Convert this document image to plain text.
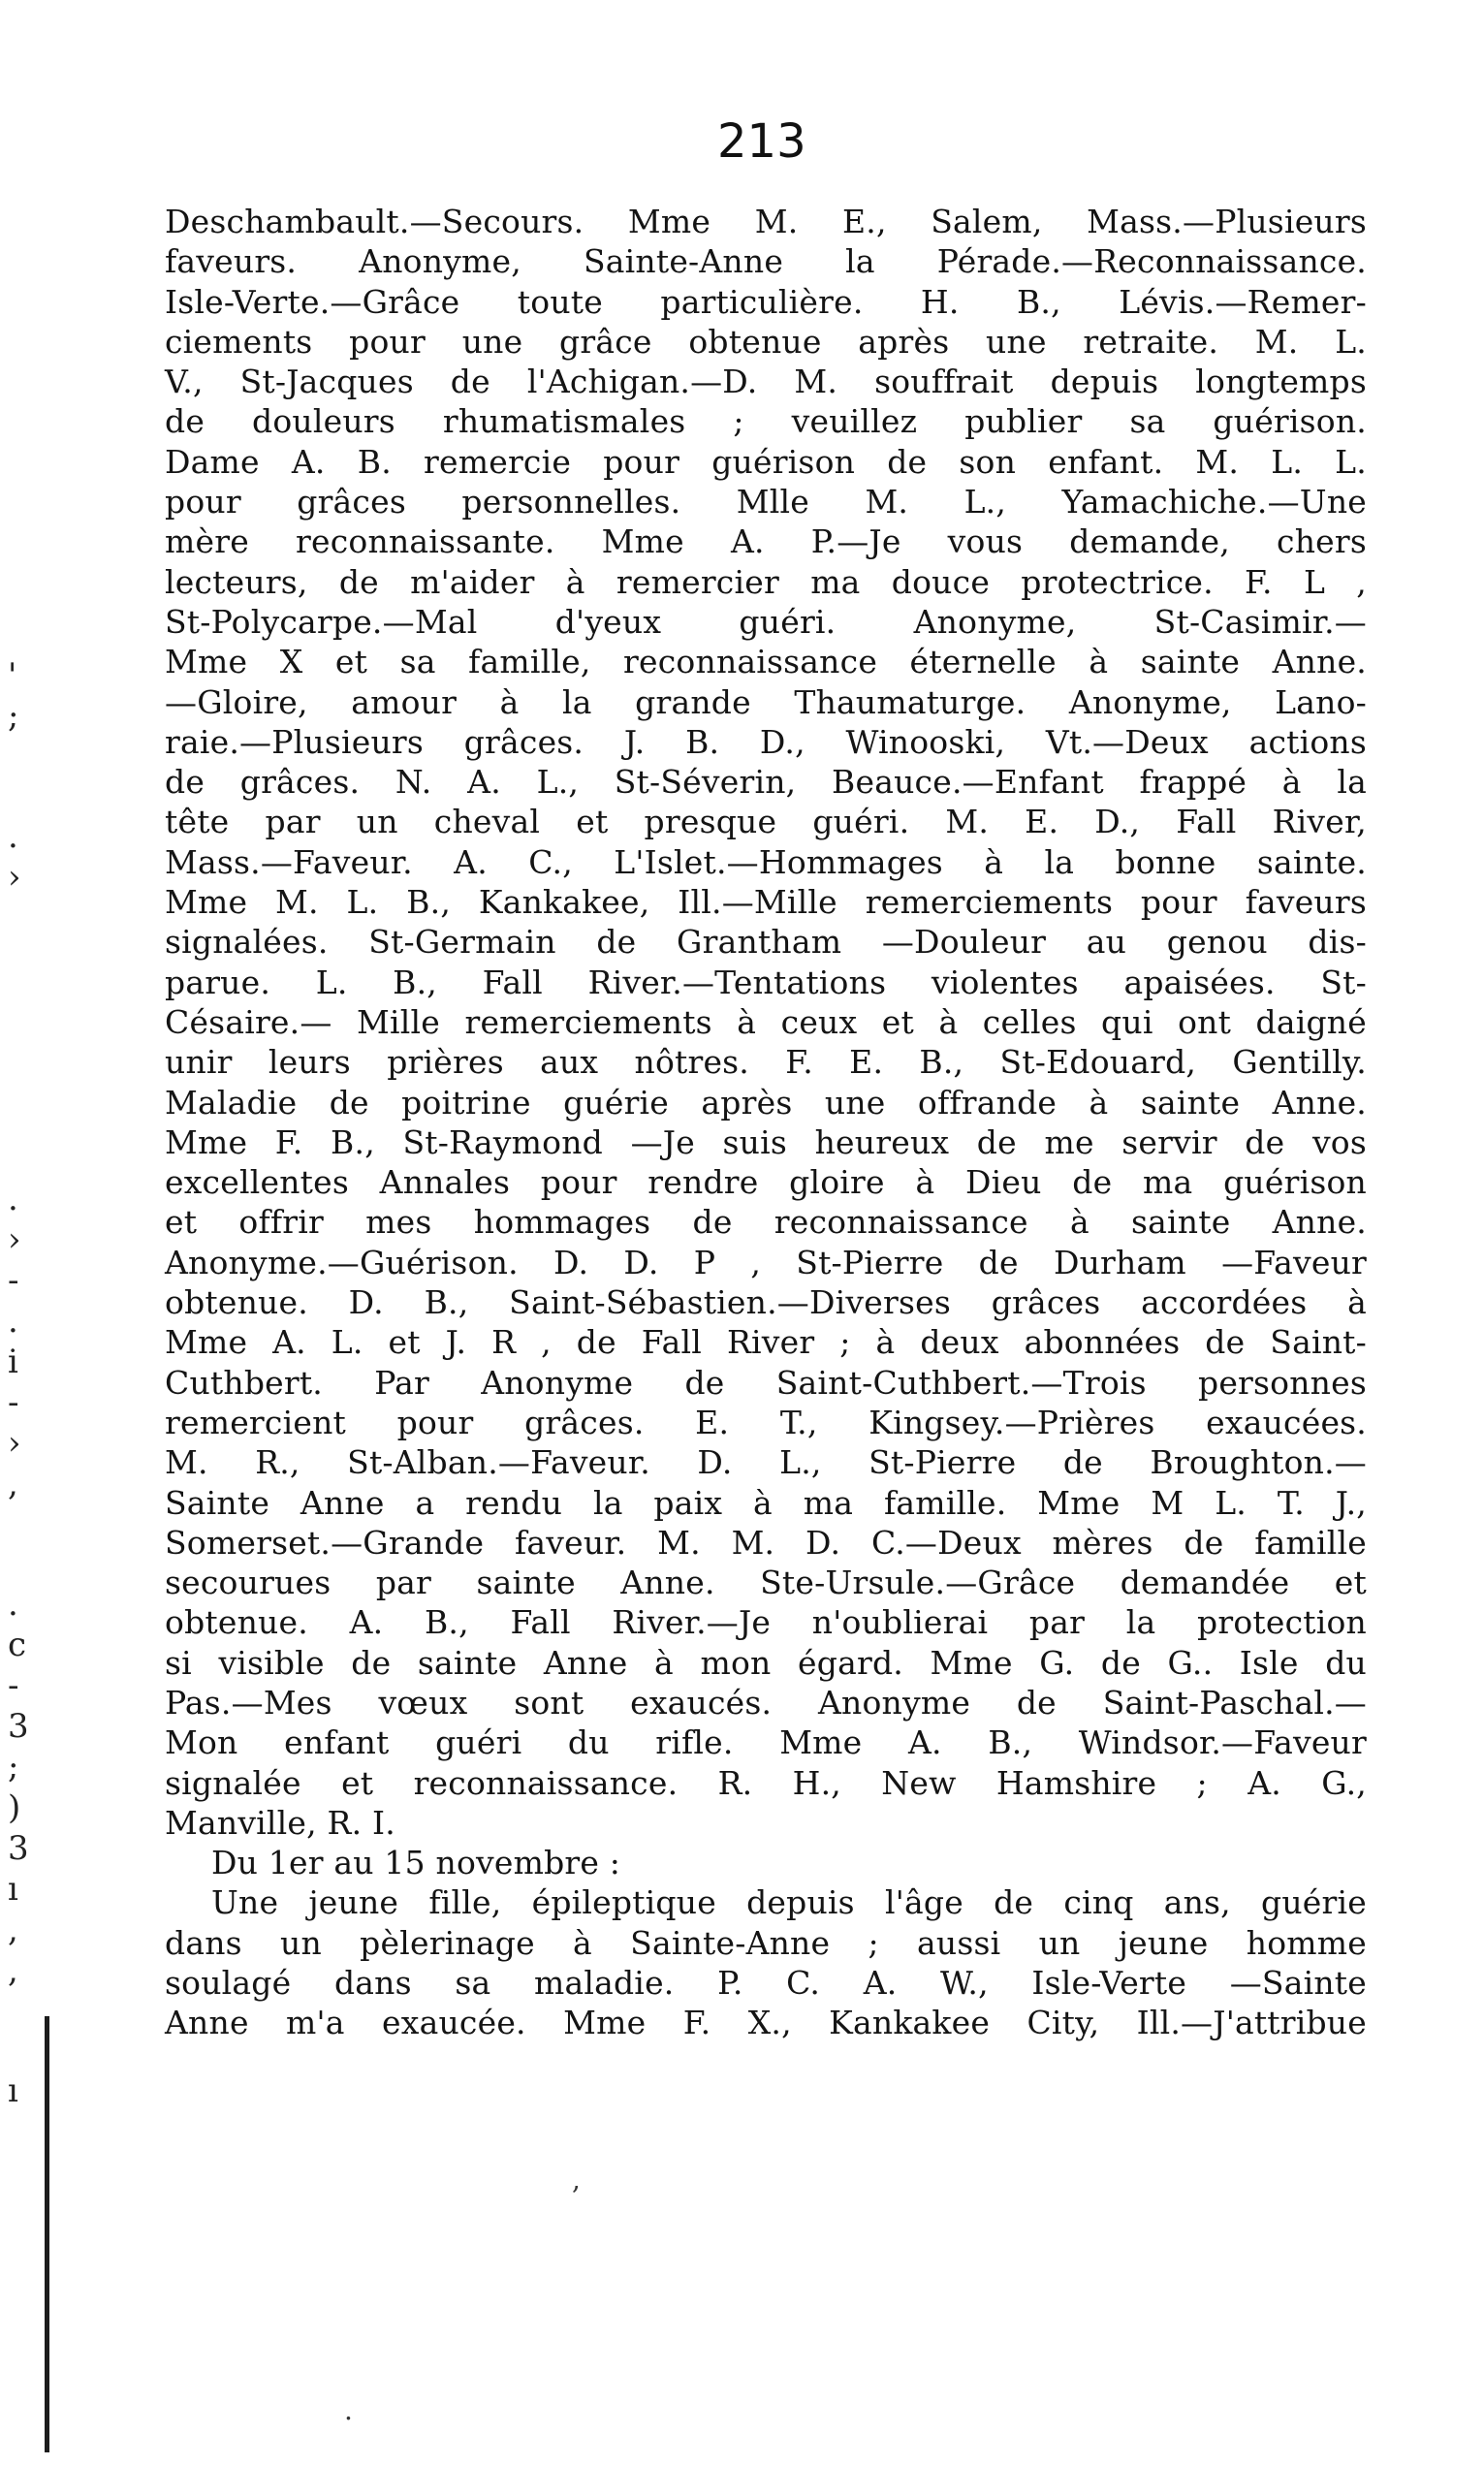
'
;
.
›
.
›
-
.
i
-
›
,
.
c
-
3
;
)
3
ı
,
,
ı
213
Deschambault.—Secours. Mme M. E., Salem, Mass.—Plusieurs
faveurs. Anonyme, Sainte-Anne la Pérade.—Reconnaissance.
Isle-Verte.—Grâce toute particulière. H. B., Lévis.—Remer-
ciements pour une grâce obtenue après une retraite. M. L.
V., St-Jacques de l'Achigan.—D. M. souffrait depuis longtemps
de douleurs rhumatismales ; veuillez publier sa guérison.
Dame A. B. remercie pour guérison de son enfant. M. L. L.
pour grâces personnelles. Mlle M. L., Yamachiche.—Une
mère reconnaissante. Mme A. P.—Je vous demande, chers
lecteurs, de m'aider à remercier ma douce protectrice. F. L ,
St-Polycarpe.—Mal d'yeux guéri. Anonyme, St-Casimir.—
Mme X et sa famille, reconnaissance éternelle à sainte Anne.
—Gloire, amour à la grande Thaumaturge. Anonyme, Lano-
raie.—Plusieurs grâces. J. B. D., Winooski, Vt.—Deux actions
de grâces. N. A. L., St-Séverin, Beauce.—Enfant frappé à la
tête par un cheval et presque guéri. M. E. D., Fall River,
Mass.—Faveur. A. C., L'Islet.—Hommages à la bonne sainte.
Mme M. L. B., Kankakee, Ill.—Mille remerciements pour faveurs
signalées. St-Germain de Grantham —Douleur au genou dis-
parue. L. B., Fall River.—Tentations violentes apaisées. St-
Césaire.— Mille remerciements à ceux et à celles qui ont daigné
unir leurs prières aux nôtres. F. E. B., St-Edouard, Gentilly.
Maladie de poitrine guérie après une offrande à sainte Anne.
Mme F. B., St-Raymond —Je suis heureux de me servir de vos
excellentes Annales pour rendre gloire à Dieu de ma guérison
et offrir mes hommages de reconnaissance à sainte Anne.
Anonyme.—Guérison. D. D. P , St-Pierre de Durham —Faveur
obtenue. D. B., Saint-Sébastien.—Diverses grâces accordées à
Mme A. L. et J. R , de Fall River ; à deux abonnées de Saint-
Cuthbert. Par Anonyme de Saint-Cuthbert.—Trois personnes
remercient pour grâces. E. T., Kingsey.—Prières exaucées.
M. R., St-Alban.—Faveur. D. L., St-Pierre de Broughton.—
Sainte Anne a rendu la paix à ma famille. Mme M L. T. J.,
Somerset.—Grande faveur. M. M. D. C.—Deux mères de famille
secourues par sainte Anne. Ste-Ursule.—Grâce demandée et
obtenue. A. B., Fall River.—Je n'oublierai par la protection
si visible de sainte Anne à mon égard. Mme G. de G.. Isle du
Pas.—Mes vœux sont exaucés. Anonyme de Saint-Paschal.—
Mon enfant guéri du rifle. Mme A. B., Windsor.—Faveur
signalée et reconnaissance. R. H., New Hamshire ; A. G.,
Manville, R. I.
Du 1er au 15 novembre :
Une jeune fille, épileptique depuis l'âge de cinq ans, guérie
dans un pèlerinage à Sainte-Anne ; aussi un jeune homme
soulagé dans sa maladie. P. C. A. W., Isle-Verte —Sainte
Anne m'a exaucée. Mme F. X., Kankakee City, Ill.—J'attribue
,
.
